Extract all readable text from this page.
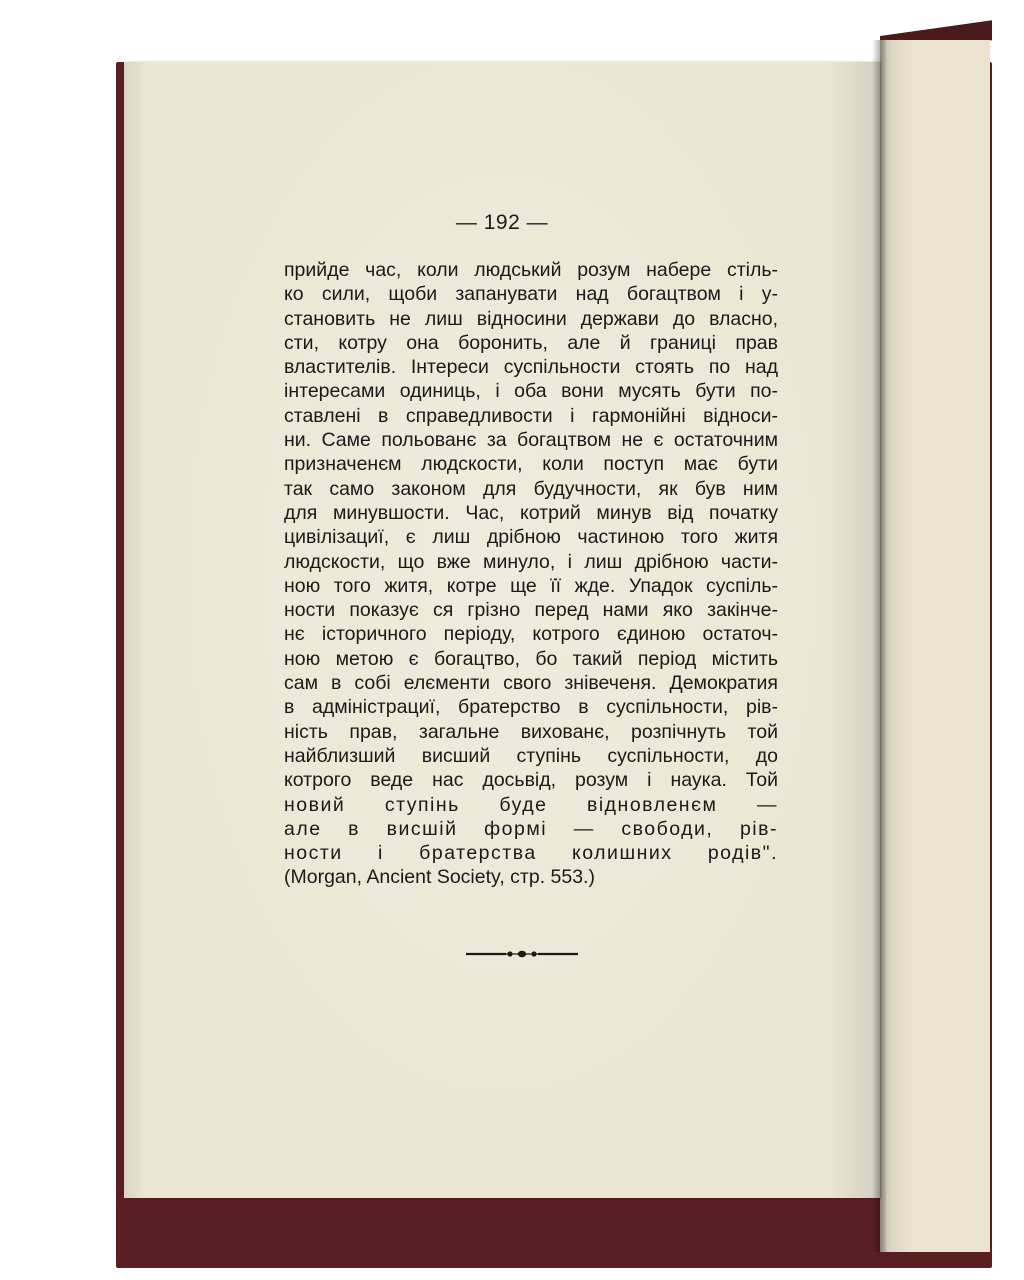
— 192 —
прийде час, коли людський розум набере стіль-
ко сили, щоби запанувати над богацтвом і у-
становить не лиш відносини держави до власно,
сти, котру она боронить, але й границі прав
властителів. Інтереси суспільности стоять по над
інтересами одиниць, і оба вони мусять бути по-
ставлені в справедливости і гармонійні відноси-
ни. Саме польованє за богацтвом не є остаточним
призначенєм людскости, коли поступ має бути
так само законом для будучности, як був ним
для минувшости. Час, котрий минув від початку
цивілізациї, є лиш дрібною частиною того житя
людскости, що вже минуло, і лиш дрібною части-
ною того житя, котре ще її жде. Упадок суспіль-
ности показує ся грізно перед нами яко закінче-
нє історичного періоду, котрого єдиною остаточ-
ною метою є богацтво, бо такий період містить
сам в собі елєменти свого знівеченя. Демократия
в адміністрациї, братерство в суспільности, рів-
ність прав, загальне вихованє, розпічнуть той
найблизший висший ступінь суспільности, до
котрого веде нас досьвід, розум і наука. Той
новий ступінь буде відновленєм —
але в висшій формі — свободи, рів-
ности і братерства колишних родів".
(Morgan, Ancient Society, стр. 553.)
